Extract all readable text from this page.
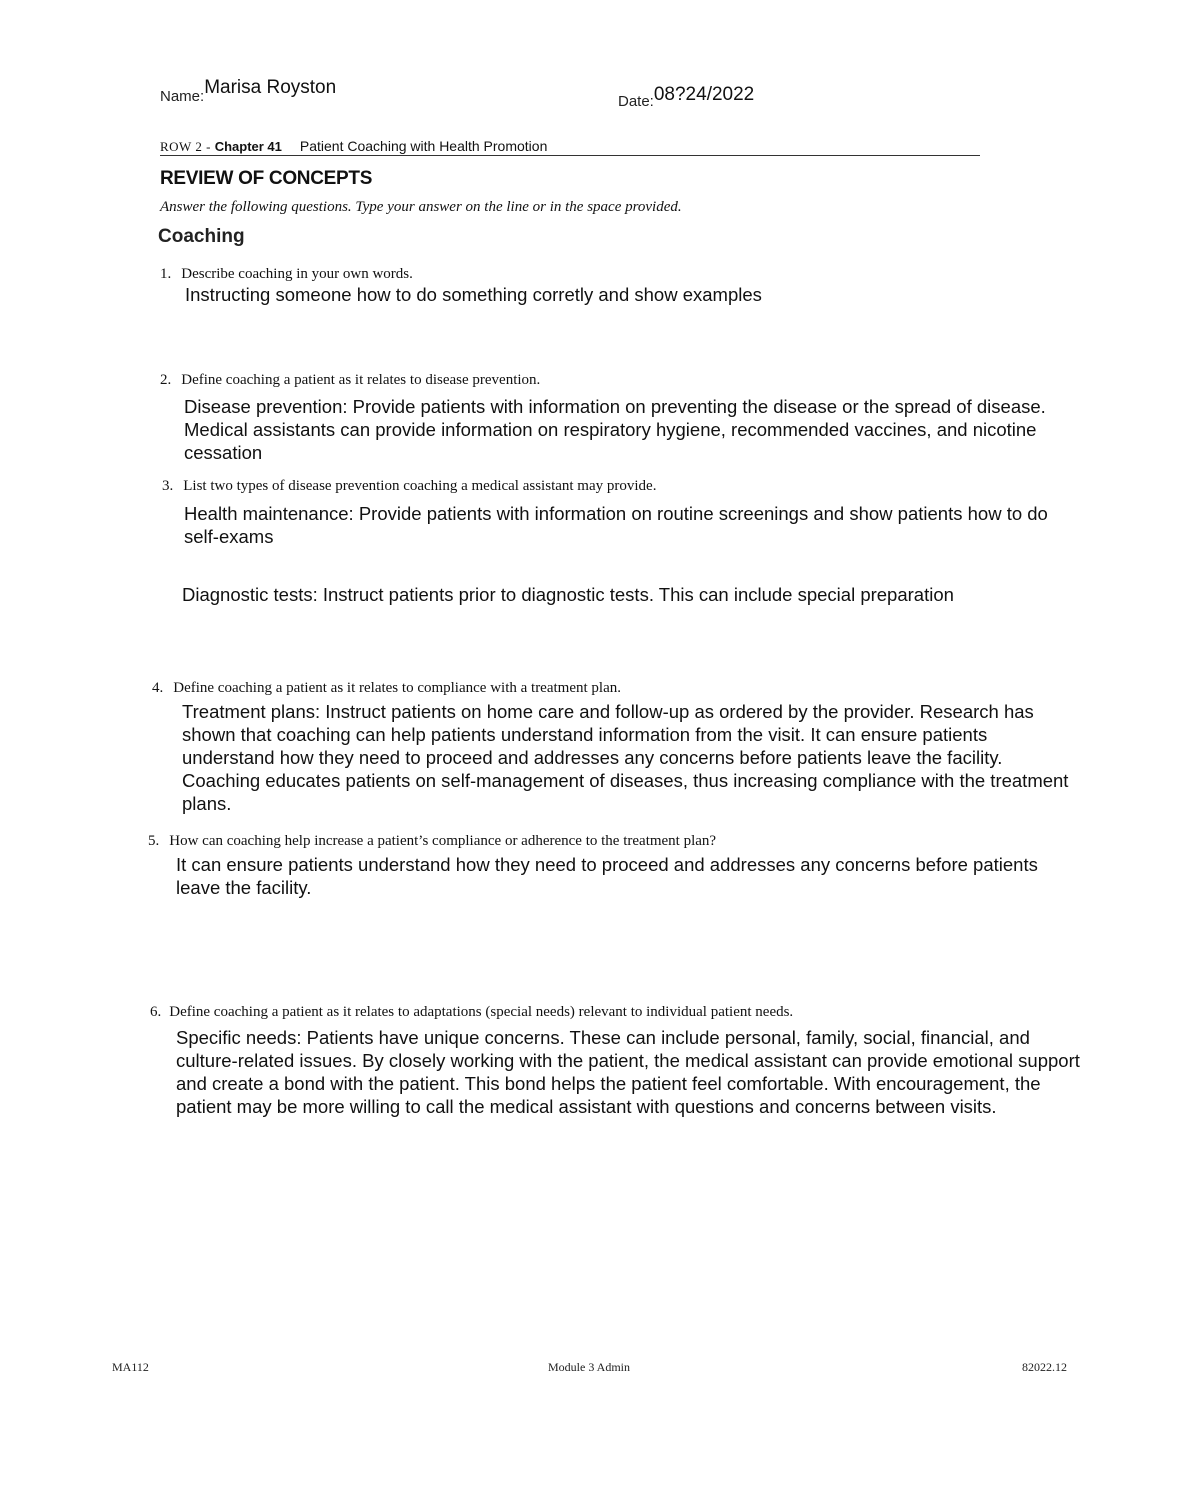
Name:Marisa Royston
Date:08?24/2022
ROW 2 - Chapter 41 Patient Coaching with Health Promotion
REVIEW OF CONCEPTS
Answer the following questions. Type your answer on the line or in the space provided.
Coaching
1. Describe coaching in your own words.

Instructing someone how to do something corretly and show examples

2. Define coaching a patient as it relates to disease prevention.

Disease prevention: Provide patients with information on preventing the disease or the spread of disease. Medical assistants can provide information on respiratory hygiene, recommended vaccines, and nicotine cessation

3. List two types of disease prevention coaching a medical assistant may provide.

Health maintenance: Provide patients with information on routine screenings and show patients how to do self-exams

Diagnostic tests: Instruct patients prior to diagnostic tests. This can include special preparation

4. Define coaching a patient as it relates to compliance with a treatment plan.

Treatment plans: Instruct patients on home care and follow-up as ordered by the provider. Research has shown that coaching can help patients understand information from the visit. It can ensure patients understand how they need to proceed and addresses any concerns before patients leave the facility. Coaching educates patients on self-management of diseases, thus increasing compliance with the treatment plans.

5. How can coaching help increase a patient’s compliance or adherence to the treatment plan?

It can ensure patients understand how they need to proceed and addresses any concerns before patients leave the facility.

6. Define coaching a patient as it relates to adaptations (special needs) relevant to individual patient needs.

Specific needs: Patients have unique concerns. These can include personal, family, social, financial, and culture-related issues. By closely working with the patient, the medical assistant can provide emotional support and create a bond with the patient. This bond helps the patient feel comfortable. With encouragement, the patient may be more willing to call the medical assistant with questions and concerns between visits.

MA112	Module 3 Admin	82022.12
